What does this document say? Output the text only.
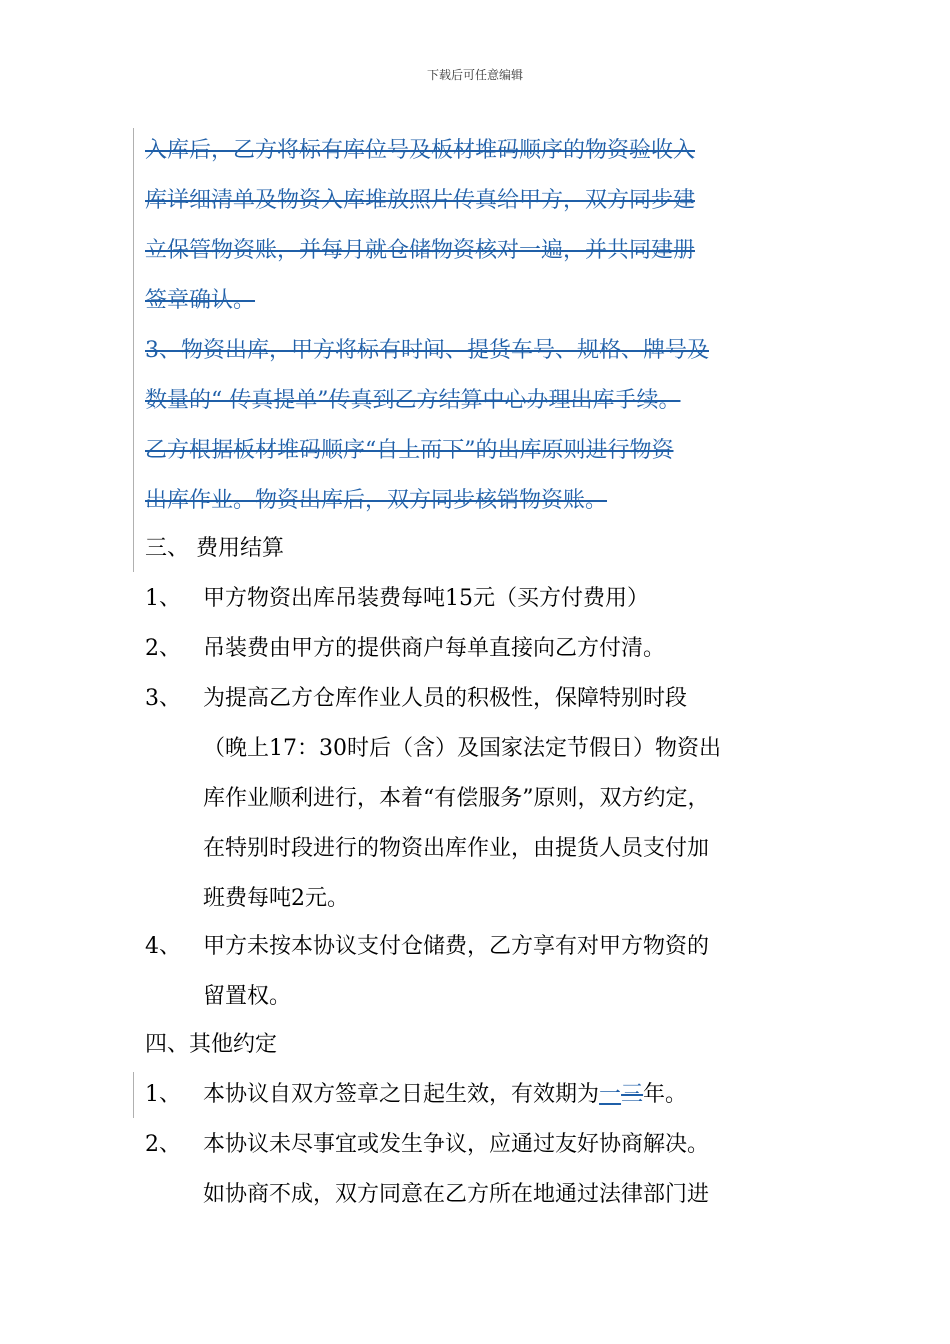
下载后可任意编辑
入库后，乙方将标有库位号及板材堆码顺序的物资验收入
库详细清单及物资入库堆放照片传真给甲方，双方同步建
立保管物资账，并每月就仓储物资核对一遍，并共同建册
签章确认。
3、物资出库，甲方将标有时间、提货车号、规格、牌号及
数量的“ 传真提单”传真到乙方结算中心办理出库手续。
乙方根据板材堆码顺序“自上而下”的出库原则进行物资
出库作业。物资出库后，双方同步核销物资账。
三、 费用结算
1、 甲方物资出库吊装费每吨15元（买方付费用）
2、 吊装费由甲方的提供商户每单直接向乙方付清。
3、 为提高乙方仓库作业人员的积极性，保障特别时段
（晚上17：30时后（含）及国家法定节假日）物资出
库作业顺利进行，本着“有偿服务”原则，双方约定，
在特别时段进行的物资出库作业，由提货人员支付加
班费每吨2元。
4、 甲方未按本协议支付仓储费，乙方享有对甲方物资的
留置权。
四、其他约定
1、 本协议自双方签章之日起生效，有效期为一三年。
2、 本协议未尽事宜或发生争议，应通过友好协商解决。
如协商不成，双方同意在乙方所在地通过法律部门进
